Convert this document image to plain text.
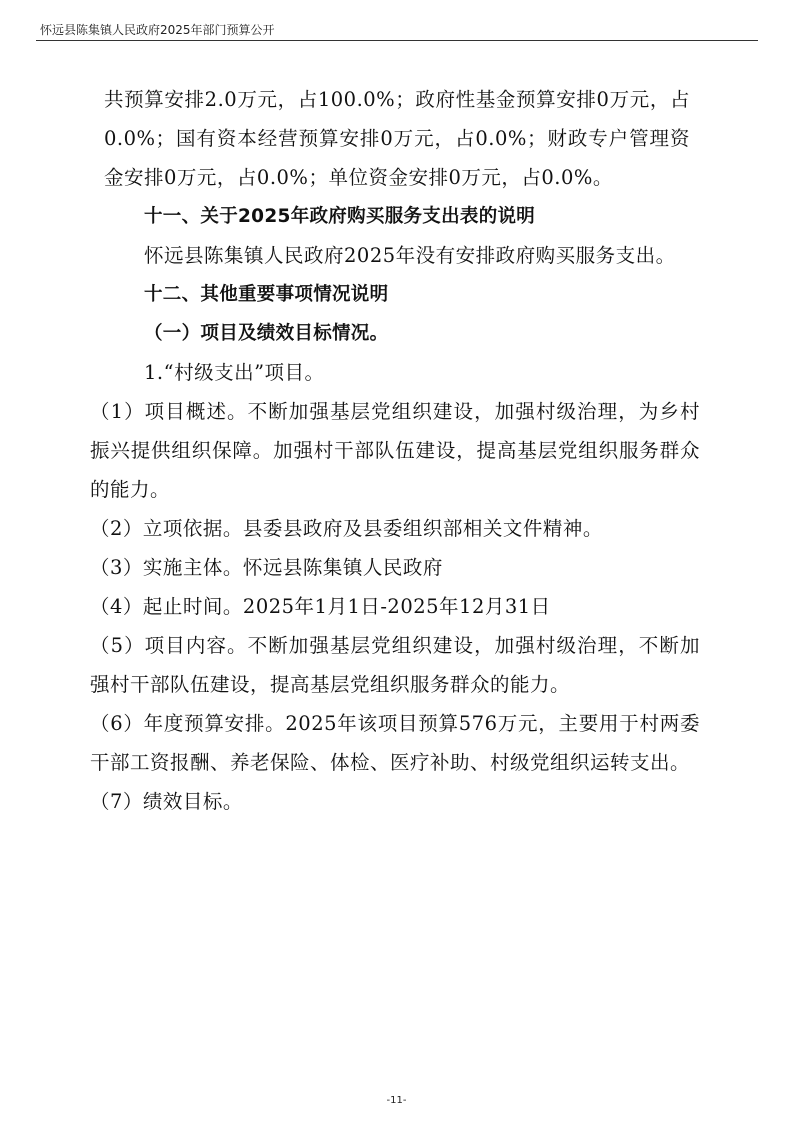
怀远县陈集镇人民政府2025年部门预算公开

共预算安排2.0万元，占100.0%；政府性基金预算安排0万元，占0.0%；国有资本经营预算安排0万元，占0.0%；财政专户管理资金安排0万元，占0.0%；单位资金安排0万元，占0.0%。

十一、关于2025年政府购买服务支出表的说明

怀远县陈集镇人民政府2025年没有安排政府购买服务支出。

十二、其他重要事项情况说明

（一）项目及绩效目标情况。

1.“村级支出”项目。

（1）项目概述。不断加强基层党组织建设，加强村级治理，为乡村振兴提供组织保障。加强村干部队伍建设，提高基层党组织服务群众的能力。

（2）立项依据。县委县政府及县委组织部相关文件精神。

（3）实施主体。怀远县陈集镇人民政府

（4）起止时间。2025年1月1日-2025年12月31日

（5）项目内容。不断加强基层党组织建设，加强村级治理，不断加强村干部队伍建设，提高基层党组织服务群众的能力。

（6）年度预算安排。2025年该项目预算576万元，主要用于村两委干部工资报酬、养老保险、体检、医疗补助、村级党组织运转支出。

（7）绩效目标。

-11-
